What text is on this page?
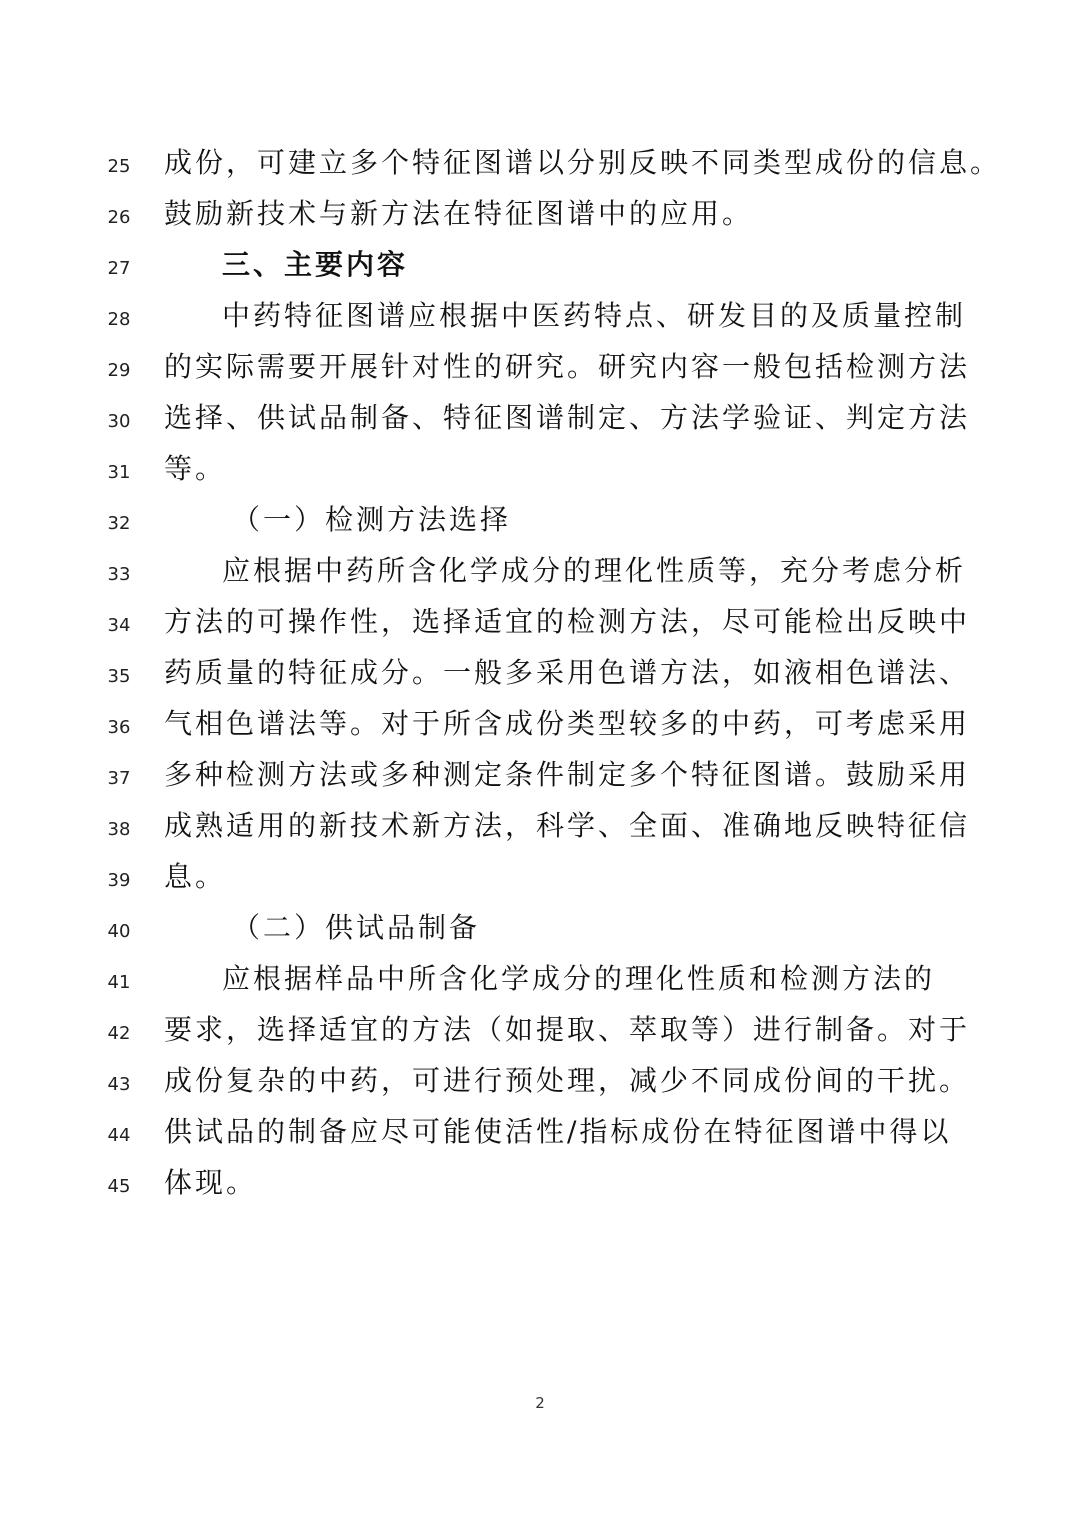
25	成份，可建立多个特征图谱以分别反映不同类型成份的信息。
26	鼓励新技术与新方法在特征图谱中的应用。
27	三、主要内容
28	中药特征图谱应根据中医药特点、研发目的及质量控制
29	的实际需要开展针对性的研究。研究内容一般包括检测方法
30	选择、供试品制备、特征图谱制定、方法学验证、判定方法
31	等。
32	（一）检测方法选择
33	应根据中药所含化学成分的理化性质等，充分考虑分析
34	方法的可操作性，选择适宜的检测方法，尽可能检出反映中
35	药质量的特征成分。一般多采用色谱方法，如液相色谱法、
36	气相色谱法等。对于所含成份类型较多的中药，可考虑采用
37	多种检测方法或多种测定条件制定多个特征图谱。鼓励采用
38	成熟适用的新技术新方法，科学、全面、准确地反映特征信
39	息。
40	（二）供试品制备
41	应根据样品中所含化学成分的理化性质和检测方法的
42	要求，选择适宜的方法（如提取、萃取等）进行制备。对于
43	成份复杂的中药，可进行预处理，减少不同成份间的干扰。
44	供试品的制备应尽可能使活性/指标成份在特征图谱中得以
45	体现。
2
